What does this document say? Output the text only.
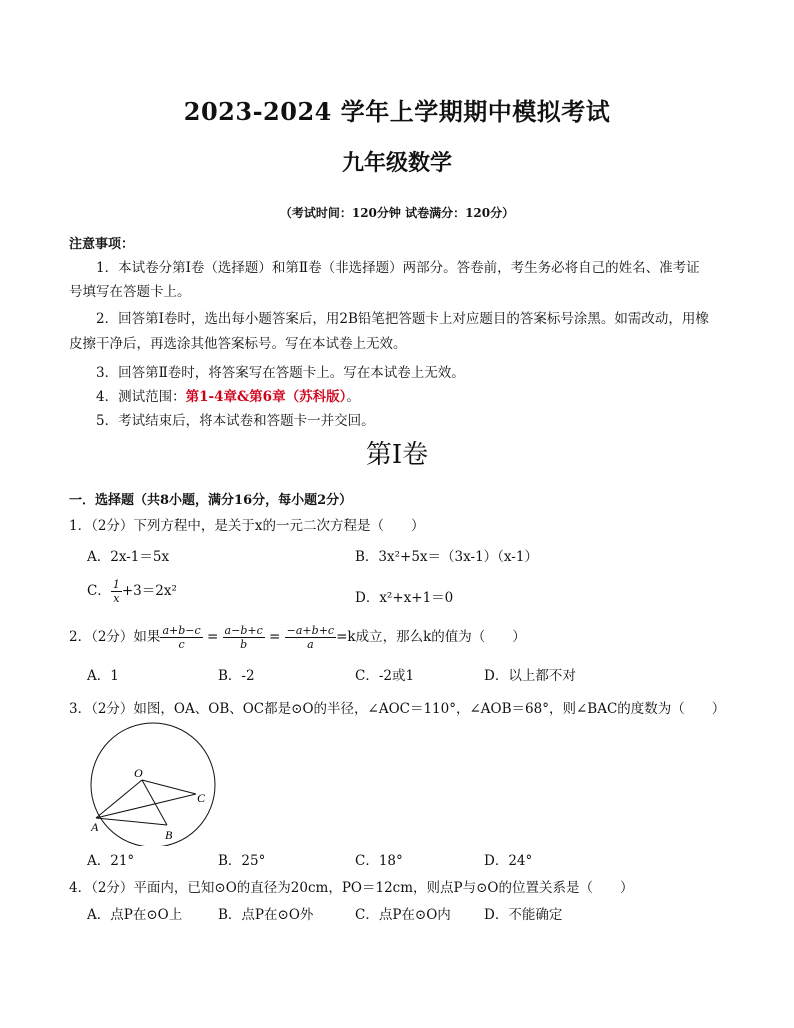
2023-2024 学年上学期期中模拟考试
九年级数学
（考试时间：120分钟 试卷满分：120分）
注意事项：
1．本试卷分第Ⅰ卷（选择题）和第Ⅱ卷（非选择题）两部分。答卷前，考生务必将自己的姓名、准考证
号填写在答题卡上。
2．回答第Ⅰ卷时，选出每小题答案后，用2B铅笔把答题卡上对应题目的答案标号涂黑。如需改动，用橡
皮擦干净后，再选涂其他答案标号。写在本试卷上无效。
3．回答第Ⅱ卷时，将答案写在答题卡上。写在本试卷上无效。
4．测试范围：第1-4章&第6章（苏科版）。
5．考试结束后，将本试卷和答题卡一并交回。
第Ⅰ卷
一．选择题（共8小题，满分16分，每小题2分）
1．（2分）下列方程中，是关于x的一元二次方程是（　　）
A．2x-1＝5x	B．3x²+5x＝（3x-1）（x-1）
C． $\frac{1}{x} +3=2x^2$	D．x²+x+1＝0
2．（2分）如果 $\frac{a+b-c}{c} = \frac{a-b+c}{b} = \frac{-a+b+c}{a} =k$成立，那么k的值为（　　）
A．1	B．-2	C．-2或1	D．以上都不对
3．（2分）如图，OA、OB、OC都是⊙O的半径，∠AOC＝110°，∠AOB＝68°，则∠BAC的度数为（　　）
O
A
B
C
A．21°	B．25°	C．18°	D．24°
4．（2分）平面内，已知⊙O的直径为20cm，PO＝12cm，则点P与⊙O的位置关系是（　　）
A．点P在⊙O上	B．点P在⊙O外	C．点P在⊙O内 D．不能确定
